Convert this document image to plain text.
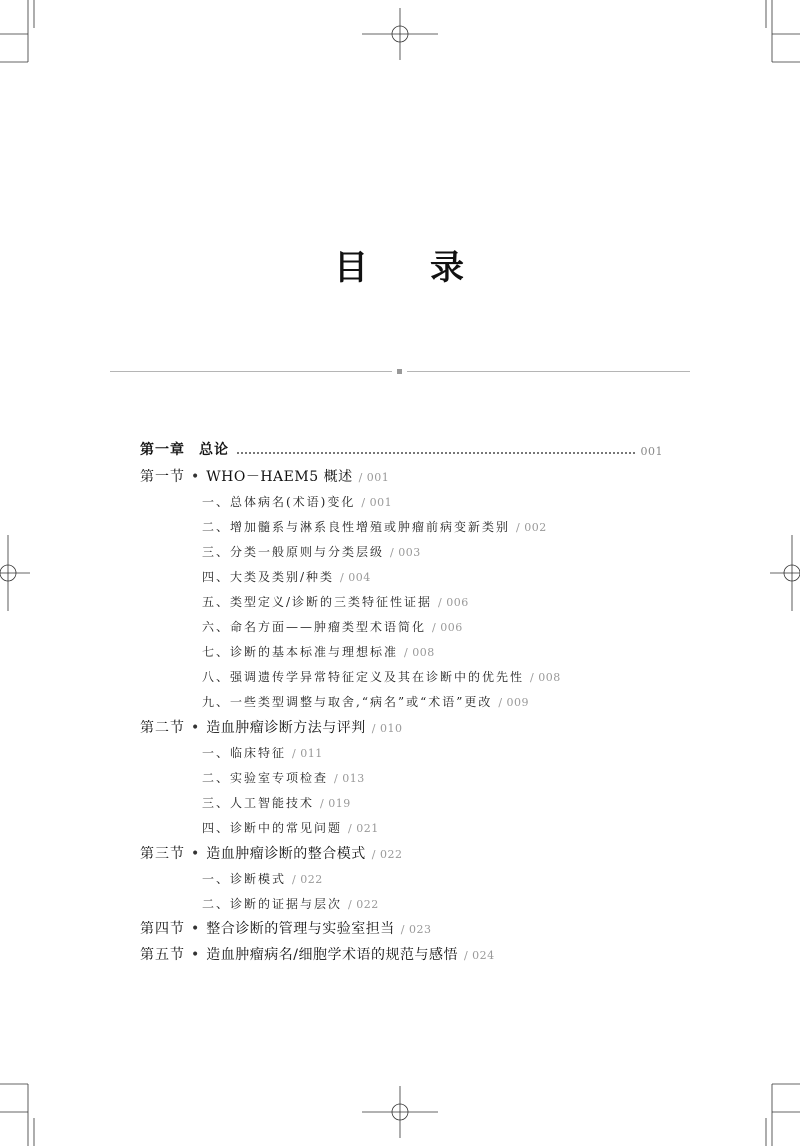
目 录
第一章 总论	001
第一节 • WHO－HAEM5 概述 / 001
一、总体病名(术语)变化 / 001
二、增加髓系与淋系良性增殖或肿瘤前病变新类别 / 002
三、分类一般原则与分类层级 / 003
四、大类及类别/种类 / 004
五、类型定义/诊断的三类特征性证据 / 006
六、命名方面——肿瘤类型术语简化 / 006
七、诊断的基本标准与理想标准 / 008
八、强调遗传学异常特征定义及其在诊断中的优先性 / 008
九、一些类型调整与取舍,“病名”或“术语”更改 / 009
第二节 • 造血肿瘤诊断方法与评判 / 010
一、临床特征 / 011
二、实验室专项检查 / 013
三、人工智能技术 / 019
四、诊断中的常见问题 / 021
第三节 • 造血肿瘤诊断的整合模式 / 022
一、诊断模式 / 022
二、诊断的证据与层次 / 022
第四节 • 整合诊断的管理与实验室担当 / 023
第五节 • 造血肿瘤病名/细胞学术语的规范与感悟 / 024
